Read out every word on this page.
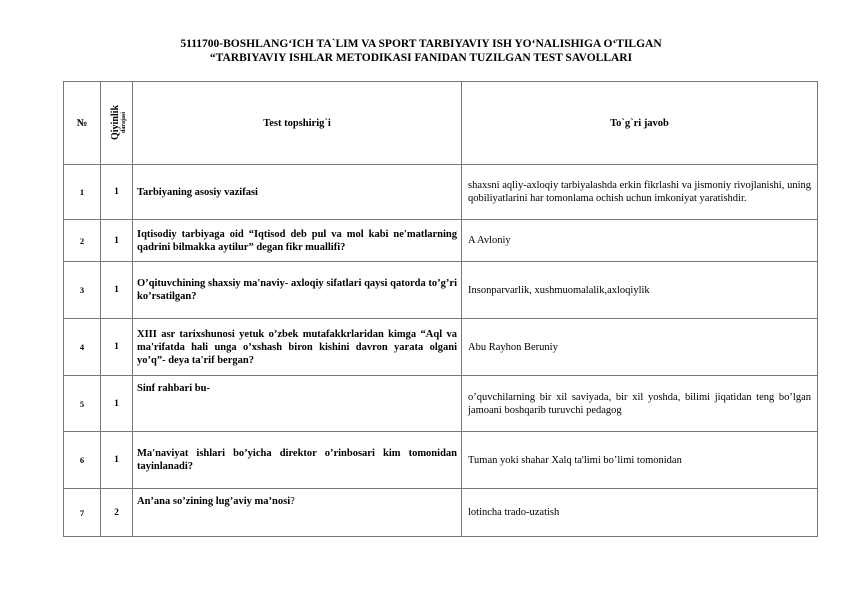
5111700-BOSHLANG‘ICH TA`LIM VA SPORT TARBIYAVIY ISH YO‘NALISHIGA O‘TILGAN
“TARBIYAVIY ISHLAR METODIKASI FANIDAN TUZILGAN TEST SAVOLLARI
№	Qiyinlik darajasi	Test topshirig`i	To`g`ri javob
1	1	Tarbiyaning asosiy vazifasi	shaxsni aqliy-axloqiy tarbiyalashda erkin fikrlashi va jismoniy rivojlanishi, uning qobiliyatlarini har tomonlama ochish uchun imkoniyat yaratishdir.
2	1	Iqtisodiy tarbiyaga oid “Iqtisod deb pul va mol kabi ne'matlarning qadrini bilmakka aytilur” degan fikr muallifi?	A Avloniy
3	1	O’qituvchining shaxsiy ma'naviy- axloqiy sifatlari qaysi qatorda to’g’ri ko’rsatilgan?	Insonparvarlik, xushmuomalalik,axloqiylik
4	1	XIII asr tarixshunosi yetuk o’zbek mutafakkrlaridan kimga “Aql va ma'rifatda hali unga o’xshash biron kishini davron yarata olgani yo’q”- deya ta'rif bergan?	Abu Rayhon Beruniy
5	1	Sinf rahbari bu-	o’quvchilarning bir xil saviyada, bir xil yoshda, bilimi jiqatidan teng bo’lgan jamoani boshqarib turuvchi pedagog
6	1	Ma'naviyat ishlari bo’yicha direktor o’rinbosari kim tomonidan tayinlanadi?	Tuman yoki shahar Xalq ta'limi bo’limi tomonidan
7	2	An’ana so’zining lug’aviy ma’nosi?	lotincha trado-uzatish
